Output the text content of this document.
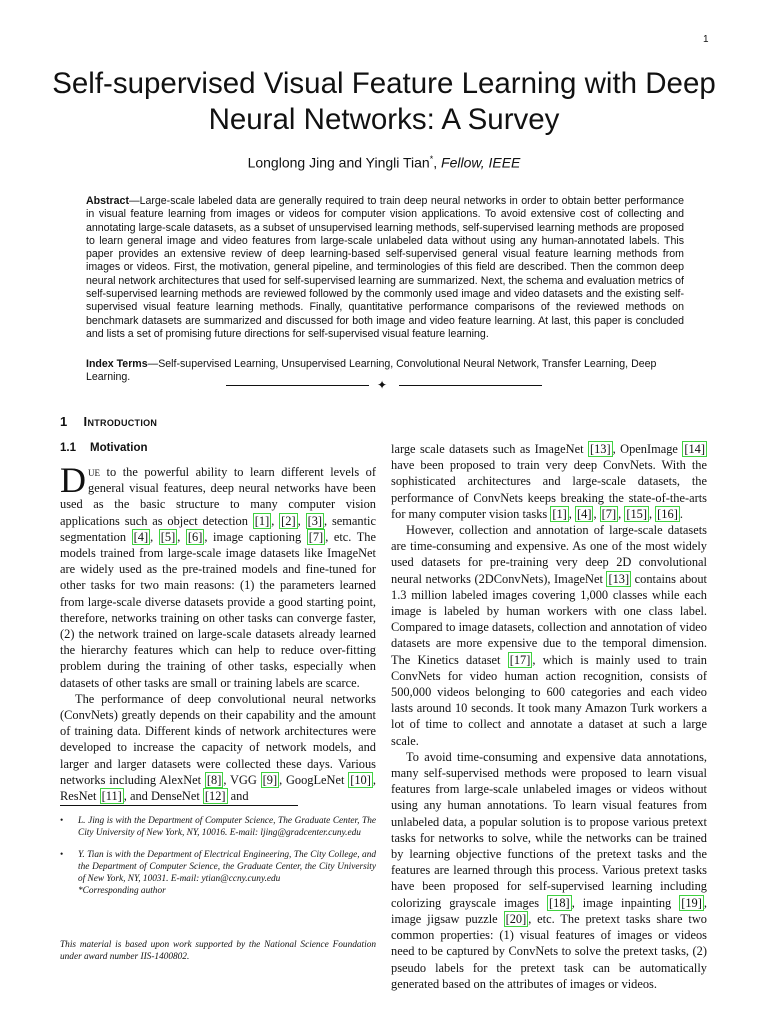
1
Self-supervised Visual Feature Learning with Deep Neural Networks: A Survey
Longlong Jing and Yingli Tian*, Fellow, IEEE
Abstract—Large-scale labeled data are generally required to train deep neural networks in order to obtain better performance in visual feature learning from images or videos for computer vision applications. To avoid extensive cost of collecting and annotating large-scale datasets, as a subset of unsupervised learning methods, self-supervised learning methods are proposed to learn general image and video features from large-scale unlabeled data without using any human-annotated labels. This paper provides an extensive review of deep learning-based self-supervised general visual feature learning methods from images or videos. First, the motivation, general pipeline, and terminologies of this field are described. Then the common deep neural network architectures that used for self-supervised learning are summarized. Next, the schema and evaluation metrics of self-supervised learning methods are reviewed followed by the commonly used image and video datasets and the existing self-supervised visual feature learning methods. Finally, quantitative performance comparisons of the reviewed methods on benchmark datasets are summarized and discussed for both image and video feature learning. At last, this paper is concluded and lists a set of promising future directions for self-supervised visual feature learning.
Index Terms—Self-supervised Learning, Unsupervised Learning, Convolutional Neural Network, Transfer Learning, Deep Learning.
✦
1 Introduction
1.1 Motivation

Due to the powerful ability to learn different levels of general visual features, deep neural networks have been used as the basic structure to many computer vision applications such as object detection [1] , [2] , [3] , semantic segmentation [4] , [5] , [6] , image captioning [7] , etc. The models trained from large-scale image datasets like ImageNet are widely used as the pre-trained models and fine-tuned for other tasks for two main reasons: (1) the parameters learned from large-scale diverse datasets provide a good starting point, therefore, networks training on other tasks can converge faster, (2) the network trained on large-scale datasets already learned the hierarchy features which can help to reduce over-fitting problem during the training of other tasks, especially when datasets of other tasks are small or training labels are scarce.

The performance of deep convolutional neural networks (ConvNets) greatly depends on their capability and the amount of training data. Different kinds of network architectures were developed to increase the capacity of network models, and larger and larger datasets were collected these days. Various networks including AlexNet [8] , VGG [9] , GoogLeNet [10] , ResNet [11] , and DenseNet [12] and

• L. Jing is with the Department of Computer Science, The Graduate Center, The City University of New York, NY, 10016. E-mail: ljing@gradcenter.cuny.edu
• Y. Tian is with the Department of Electrical Engineering, The City College, and the Department of Computer Science, the Graduate Center, the City University of New York, NY, 10031. E-mail: ytian@ccny.cuny.edu
*Corresponding author
This material is based upon work supported by the National Science Foundation under award number IIS-1400802.

large scale datasets such as ImageNet [13] , OpenImage [14] have been proposed to train very deep ConvNets. With the sophisticated architectures and large-scale datasets, the performance of ConvNets keeps breaking the state-of-the-arts for many computer vision tasks [1] , [4] , [7] , [15] , [16] .

However, collection and annotation of large-scale datasets are time-consuming and expensive. As one of the most widely used datasets for pre-training very deep 2D convolutional neural networks (2DConvNets), ImageNet [13] contains about 1.3 million labeled images covering 1,000 classes while each image is labeled by human workers with one class label. Compared to image datasets, collection and annotation of video datasets are more expensive due to the temporal dimension. The Kinetics dataset [17] , which is mainly used to train ConvNets for video human action recognition, consists of 500,000 videos belonging to 600 categories and each video lasts around 10 seconds. It took many Amazon Turk workers a lot of time to collect and annotate a dataset at such a large scale.

To avoid time-consuming and expensive data annotations, many self-supervised methods were proposed to learn visual features from large-scale unlabeled images or videos without using any human annotations. To learn visual features from unlabeled data, a popular solution is to propose various pretext tasks for networks to solve, while the networks can be trained by learning objective functions of the pretext tasks and the features are learned through this process. Various pretext tasks have been proposed for self-supervised learning including colorizing grayscale images [18] , image inpainting [19] , image jigsaw puzzle [20] , etc. The pretext tasks share two common properties: (1) visual features of images or videos need to be captured by ConvNets to solve the pretext tasks, (2) pseudo labels for the pretext task can be automatically generated based on the attributes of images or videos.
